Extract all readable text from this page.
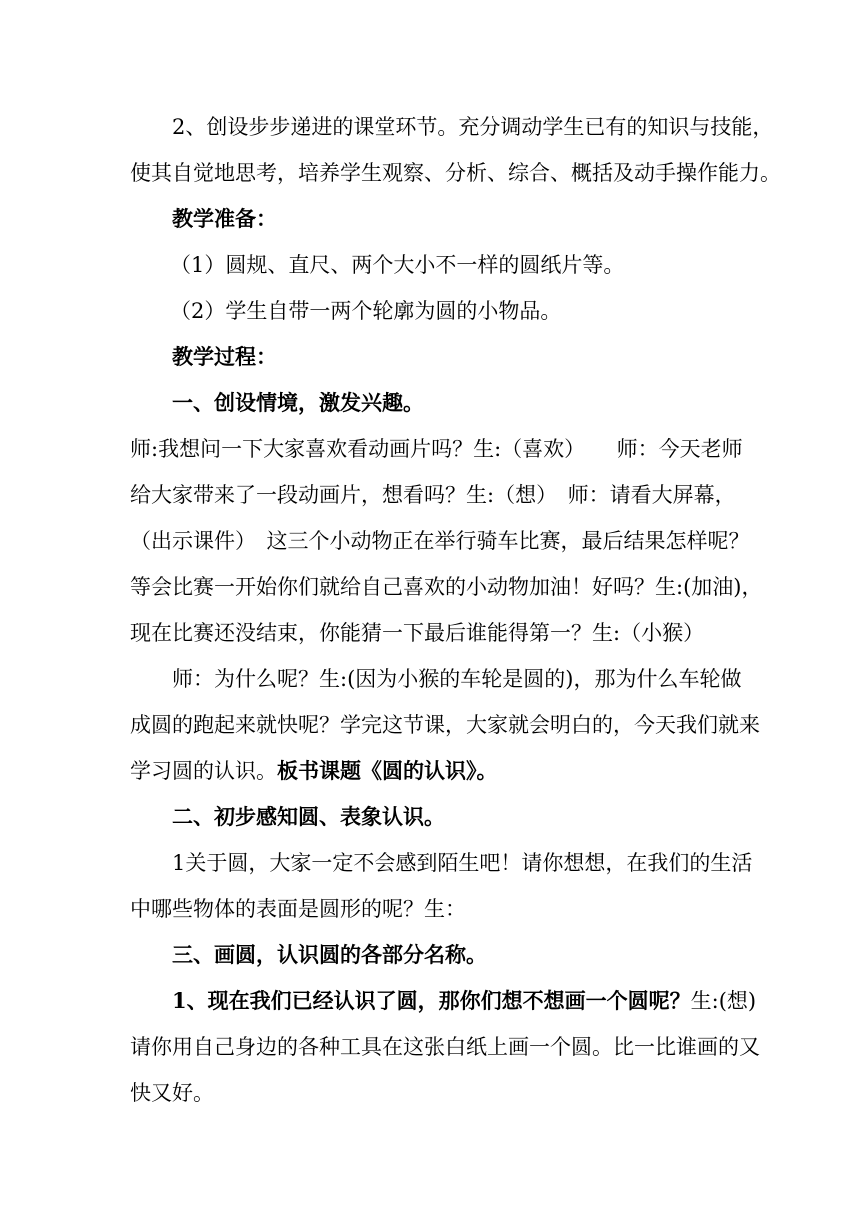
2、创设步步递进的课堂环节。充分调动学生已有的知识与技能，
使其自觉地思考，培养学生观察、分析、综合、概括及动手操作能力。
教学准备：
（1）圆规、直尺、两个大小不一样的圆纸片等。
（2）学生自带一两个轮廓为圆的小物品。
教学过程：
一、创设情境，激发兴趣。
师:我想问一下大家喜欢看动画片吗？生:（喜欢）　　师：今天老师
给大家带来了一段动画片，想看吗？生:（想）　师：请看大屏幕，
（出示课件）　这三个小动物正在举行骑车比赛，最后结果怎样呢？
等会比赛一开始你们就给自己喜欢的小动物加油！好吗？生:(加油)，
现在比赛还没结束，你能猜一下最后谁能得第一？生:（小猴）
师：为什么呢？生:(因为小猴的车轮是圆的)，那为什么车轮做
成圆的跑起来就快呢？学完这节课，大家就会明白的，今天我们就来
学习圆的认识。板书课题《圆的认识》。
二、初步感知圆、表象认识。
1关于圆，大家一定不会感到陌生吧！请你想想，在我们的生活
中哪些物体的表面是圆形的呢？生：
三、画圆，认识圆的各部分名称。
1、现在我们已经认识了圆，那你们想不想画一个圆呢？生:(想)
请你用自己身边的各种工具在这张白纸上画一个圆。比一比谁画的又
快又好。
